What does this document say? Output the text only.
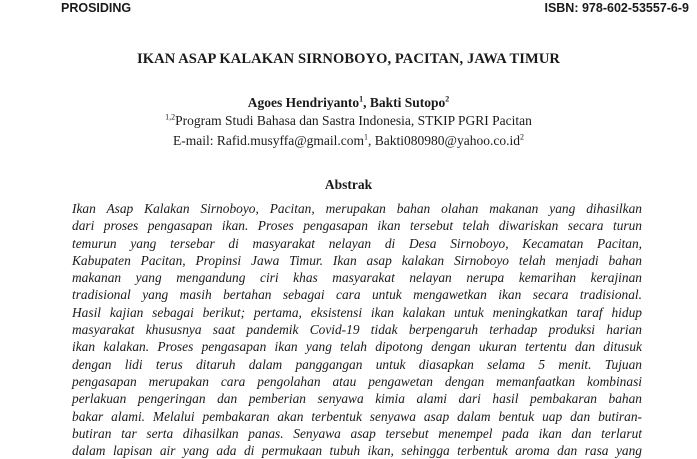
PROSIDING	ISBN: 978-602-53557-6-9
IKAN ASAP KALAKAN SIRNOBOYO, PACITAN, JAWA TIMUR
Agoes Hendriyanto$^1$, Bakti Sutopo$^2$
$^{1,2}$Program Studi Bahasa dan Sastra Indonesia, STKIP PGRI Pacitan
E-mail: Rafid.musyffa@gmail.com$^1$, $Bakti080980@yahoo.co.id^2$
Abstrak
Ikan Asap Kalakan Sirnoboyo, Pacitan, merupakan bahan olahan makanan yang dihasilkan
dari proses pengasapan ikan. Proses pengasapan ikan tersebut telah diwariskan secara turun
temurun yang tersebar di masyarakat nelayan di Desa Sirnoboyo, Kecamatan Pacitan,
Kabupaten Pacitan, Propinsi Jawa Timur. Ikan asap kalakan Sirnoboyo telah menjadi bahan
makanan yang mengandung ciri khas masyarakat nelayan nerupa kemarihan kerajinan
tradisional yang masih bertahan sebagai cara untuk mengawetkan ikan secara tradisional.
Hasil kajian sebagai berikut; pertama, eksistensi ikan kalakan untuk meningkatkan taraf hidup
masyarakat khususnya saat pandemik Covid-19 tidak berpengaruh terhadap produksi harian
ikan kalakan. Proses pengasapan ikan yang telah dipotong dengan ukuran tertentu dan ditusuk
dengan lidi terus ditaruh dalam panggangan untuk diasapkan selama 5 menit. Tujuan
pengasapan merupakan cara pengolahan atau pengawetan dengan memanfaatkan kombinasi
perlakuan pengeringan dan pemberian senyawa kimia alami dari hasil pembakaran bahan
bakar alami. Melalui pembakaran akan terbentuk senyawa asap dalam bentuk uap dan butiran-
butiran tar serta dihasilkan panas. Senyawa asap tersebut menempel pada ikan dan terlarut
dalam lapisan air yang ada di permukaan tubuh ikan, sehingga terbentuk aroma dan rasa yang
